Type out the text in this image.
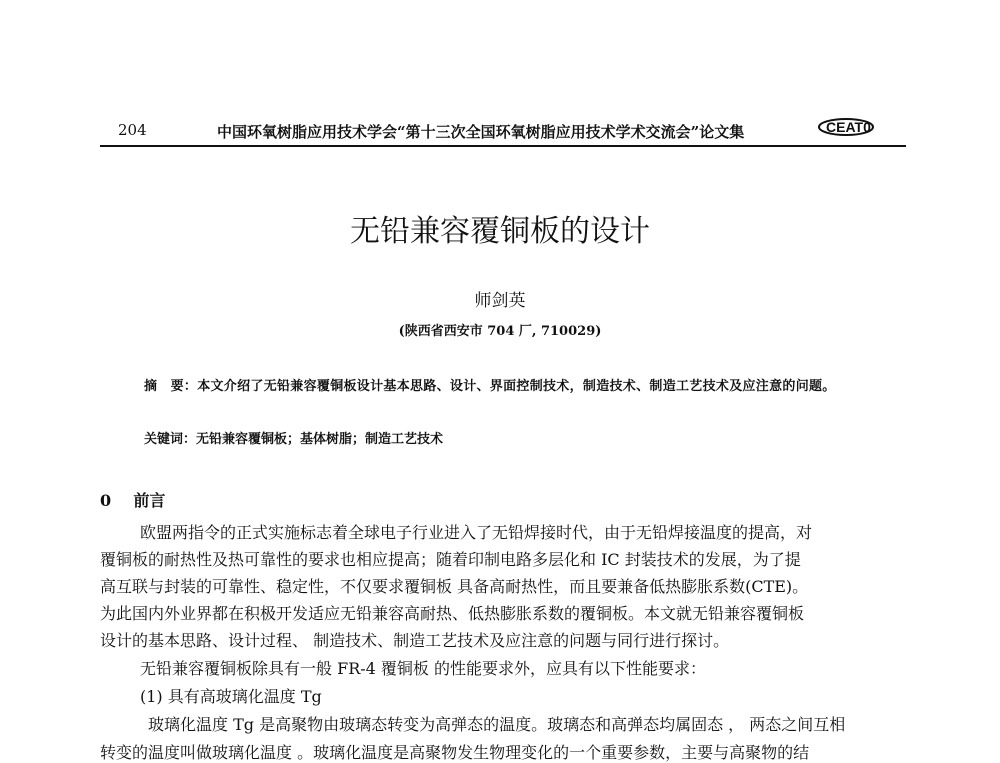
204	中国环氧树脂应用技术学会“第十三次全国环氧树脂应用技术学术交流会”论文集	CEAT0
无铅兼容覆铜板的设计
师剑英
(陕西省西安市 704 厂, 710029)
摘　要：本文介绍了无铅兼容覆铜板设计基本思路、设计、界面控制技术，制造技术、制造工艺技术及应注意的问题。
关键词：无铅兼容覆铜板；基体树脂；制造工艺技术
0 前言
欧盟两指令的正式实施标志着全球电子行业进入了无铅焊接时代，由于无铅焊接温度的提高，对
覆铜板的耐热性及热可靠性的要求也相应提高；随着印制电路多层化和 IC 封装技术的发展，为了提
高互联与封装的可靠性、稳定性，不仅要求覆铜板 具备高耐热性，而且要兼备低热膨胀系数(CTE)。
为此国内外业界都在积极开发适应无铅兼容高耐热、低热膨胀系数的覆铜板。本文就无铅兼容覆铜板
设计的基本思路、设计过程、 制造技术、制造工艺技术及应注意的问题与同行进行探讨。
无铅兼容覆铜板除具有一般 FR-4 覆铜板 的性能要求外，应具有以下性能要求：
(1) 具有高玻璃化温度 Tg
玻璃化温度 Tg 是高聚物由玻璃态转变为高弹态的温度。玻璃态和高弹态均属固态 ， 两态之间互相
转变的温度叫做玻璃化温度 。玻璃化温度是高聚物发生物理变化的一个重要参数，主要与高聚物的结
